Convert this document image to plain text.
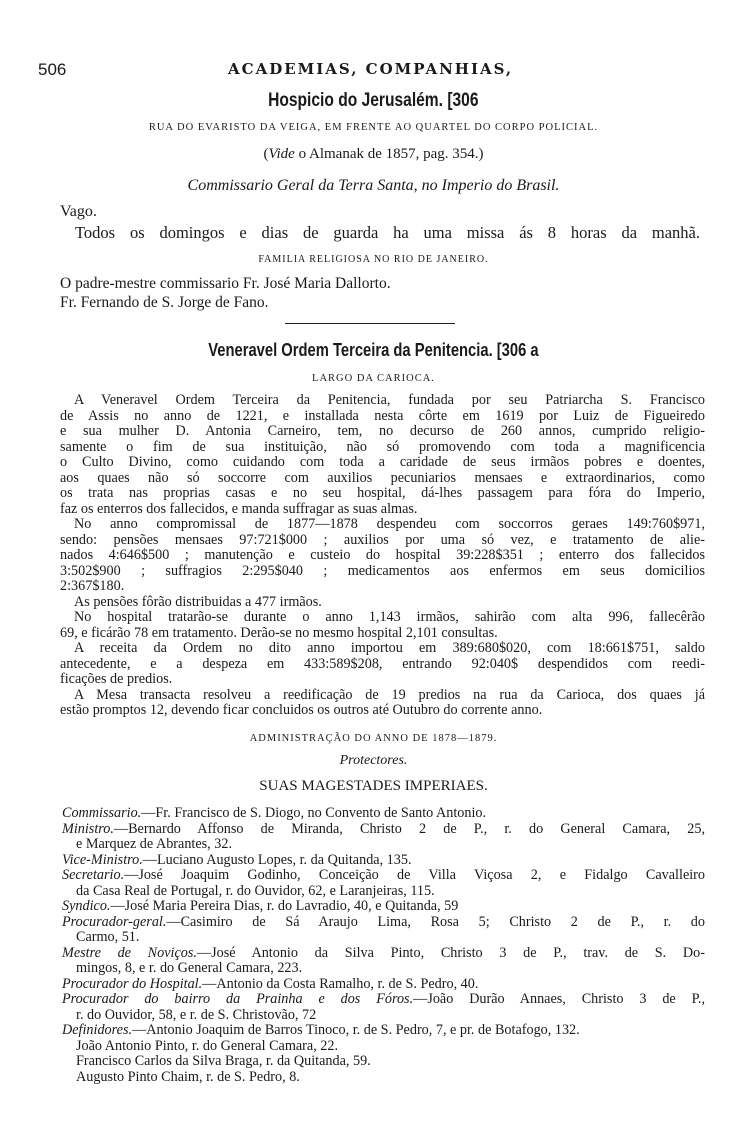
506	ACADEMIAS, COMPANHIAS,
Hospicio do Jerusalém. [306
RUA DO EVARISTO DA VEIGA, EM FRENTE AO QUARTEL DO CORPO POLICIAL.
(Vide o Almanak de 1857, pag. 354.)
Commissario Geral da Terra Santa, no Imperio do Brasil.
Vago.
Todos os domingos e dias de guarda ha uma missa ás 8 horas da manhã.
FAMILIA RELIGIOSA NO RIO DE JANEIRO.
O padre-mestre commissario Fr. José Maria Dallorto.
Fr. Fernando de S. Jorge de Fano.
Veneravel Ordem Terceira da Penitencia. [306 a
LARGO DA CARIOCA.
A Veneravel Ordem Terceira da Penitencia, fundada por seu Patriarcha S. Francisco
de Assis no anno de 1221, e installada nesta côrte em 1619 por Luiz de Figueiredo
e sua mulher D. Antonia Carneiro, tem, no decurso de 260 annos, cumprido religio-
samente o fim de sua instituição, não só promovendo com toda a magnificencia
o Culto Divino, como cuidando com toda a caridade de seus irmãos pobres e doentes,
aos quaes não só soccorre com auxilios pecuniarios mensaes e extraordinarios, como
os trata nas proprias casas e no seu hospital, dá-lhes passagem para fóra do Imperio,
faz os enterros dos fallecidos, e manda suffragar as suas almas.
No anno compromissal de 1877—1878 despendeu com soccorros geraes 149:760$971,
sendo: pensões mensaes 97:721$000 ; auxilios por uma só vez, e tratamento de alie-
nados 4:646$500 ; manutenção e custeio do hospital 39:228$351 ; enterro dos fallecidos
3:502$900 ; suffragios 2:295$040 ; medicamentos aos enfermos em seus domicilios
2:367$180.
As pensões fôrão distribuidas a 477 irmãos.
No hospital tratarão-se durante o anno 1,143 irmãos, sahirão com alta 996, fallecêrão
69, e ficárão 78 em tratamento. Derão-se no mesmo hospital 2,101 consultas.
A receita da Ordem no dito anno importou em 389:680$020, com 18:661$751, saldo
antecedente, e a despeza em 433:589$208, entrando 92:040$ despendidos com reedi-
ficações de predios.
A Mesa transacta resolveu a reedificação de 19 predios na rua da Carioca, dos quaes já
estão promptos 12, devendo ficar concluidos os outros até Outubro do corrente anno.
ADMINISTRAÇÃO DO ANNO DE 1878—1879.
Protectores.
SUAS MAGESTADES IMPERIAES.
Commissario.—Fr. Francisco de S. Diogo, no Convento de Santo Antonio.
Ministro.—Bernardo Affonso de Miranda, Christo 2 de P., r. do General Camara, 25,
e Marquez de Abrantes, 32.
Vice-Ministro.—Luciano Augusto Lopes, r. da Quitanda, 135.
Secretario.—José Joaquim Godinho, Conceição de Villa Viçosa 2, e Fidalgo Cavalleiro
da Casa Real de Portugal, r. do Ouvidor, 62, e Laranjeiras, 115.
Syndico.—José Maria Pereira Dias, r. do Lavradio, 40, e Quitanda, 59
Procurador-geral.—Casimiro de Sá Araujo Lima, Rosa 5; Christo 2 de P., r. do
Carmo, 51.
Mestre de Noviços.—José Antonio da Silva Pinto, Christo 3 de P., trav. de S. Do-
mingos, 8, e r. do General Camara, 223.
Procurador do Hospital.—Antonio da Costa Ramalho, r. de S. Pedro, 40.
Procurador do bairro da Prainha e dos Fóros.—João Durão Annaes, Christo 3 de P.,
r. do Ouvidor, 58, e r. de S. Christovão, 72
Definidores.—Antonio Joaquim de Barros Tinoco, r. de S. Pedro, 7, e pr. de Botafogo, 132.
João Antonio Pinto, r. do General Camara, 22.
Francisco Carlos da Silva Braga, r. da Quitanda, 59.
Augusto Pinto Chaim, r. de S. Pedro, 8.
